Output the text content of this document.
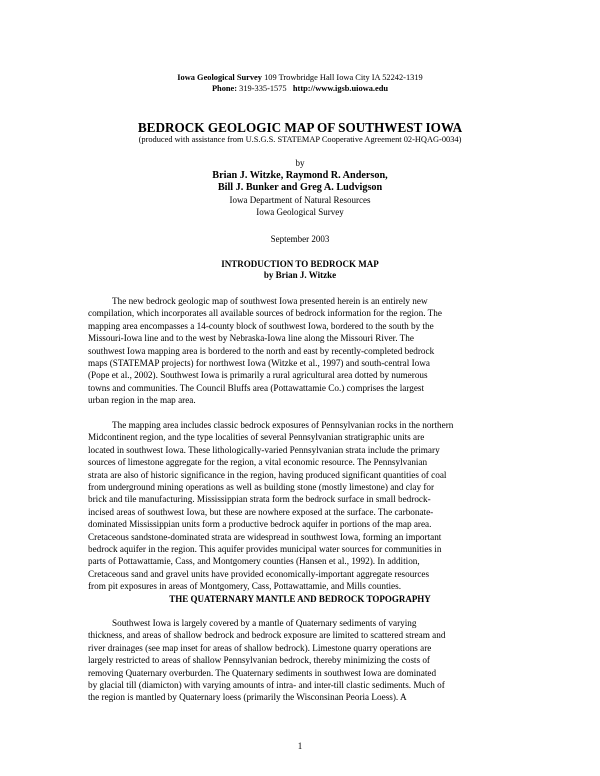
Iowa Geological Survey 109 Trowbridge Hall Iowa City IA 52242-1319
Phone: 319-335-1575 http://www.igsb.uiowa.edu
BEDROCK GEOLOGIC MAP OF SOUTHWEST IOWA
(produced with assistance from U.S.G.S. STATEMAP Cooperative Agreement 02-HQAG-0034)
by
Brian J. Witzke, Raymond R. Anderson,
Bill J. Bunker and Greg A. Ludvigson
Iowa Department of Natural Resources
Iowa Geological Survey
September 2003
INTRODUCTION TO BEDROCK MAP
by Brian J. Witzke
The new bedrock geologic map of southwest Iowa presented herein is an entirely new
compilation, which incorporates all available sources of bedrock information for the region. The
mapping area encompasses a 14-county block of southwest Iowa, bordered to the south by the
Missouri-Iowa line and to the west by Nebraska-Iowa line along the Missouri River. The
southwest Iowa mapping area is bordered to the north and east by recently-completed bedrock
maps (STATEMAP projects) for northwest Iowa (Witzke et al., 1997) and south-central Iowa
(Pope et al., 2002). Southwest Iowa is primarily a rural agricultural area dotted by numerous
towns and communities. The Council Bluffs area (Pottawattamie Co.) comprises the largest
urban region in the map area.
The mapping area includes classic bedrock exposures of Pennsylvanian rocks in the northern
Midcontinent region, and the type localities of several Pennsylvanian stratigraphic units are
located in southwest Iowa. These lithologically-varied Pennsylvanian strata include the primary
sources of limestone aggregate for the region, a vital economic resource. The Pennsylvanian
strata are also of historic significance in the region, having produced significant quantities of coal
from underground mining operations as well as building stone (mostly limestone) and clay for
brick and tile manufacturing. Mississippian strata form the bedrock surface in small bedrock-
incised areas of southwest Iowa, but these are nowhere exposed at the surface. The carbonate-
dominated Mississippian units form a productive bedrock aquifer in portions of the map area.
Cretaceous sandstone-dominated strata are widespread in southwest Iowa, forming an important
bedrock aquifer in the region. This aquifer provides municipal water sources for communities in
parts of Pottawattamie, Cass, and Montgomery counties (Hansen et al., 1992). In addition,
Cretaceous sand and gravel units have provided economically-important aggregate resources
from pit exposures in areas of Montgomery, Cass, Pottawattamie, and Mills counties.
THE QUATERNARY MANTLE AND BEDROCK TOPOGRAPHY
Southwest Iowa is largely covered by a mantle of Quaternary sediments of varying
thickness, and areas of shallow bedrock and bedrock exposure are limited to scattered stream and
river drainages (see map inset for areas of shallow bedrock). Limestone quarry operations are
largely restricted to areas of shallow Pennsylvanian bedrock, thereby minimizing the costs of
removing Quaternary overburden. The Quaternary sediments in southwest Iowa are dominated
by glacial till (diamicton) with varying amounts of intra- and inter-till clastic sediments. Much of
the region is mantled by Quaternary loess (primarily the Wisconsinan Peoria Loess). A
1
